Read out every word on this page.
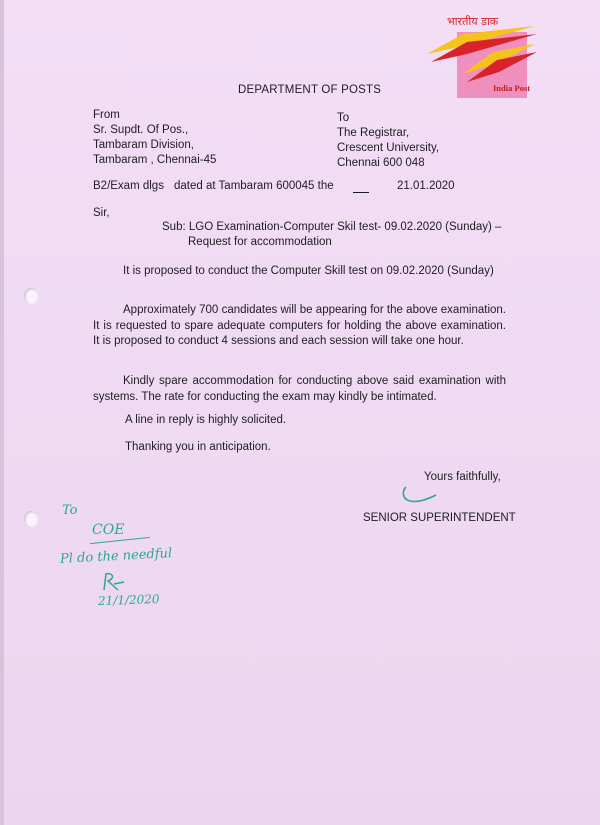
भारतीय डाक
India Post
DEPARTMENT OF POSTS
From
Sr. Supdt. Of Pos.,
Tambaram Division,
Tambaram , Chennai-45
To
The Registrar,
Crescent University,
Chennai 600 048
B2/Exam dlgs dated at Tambaram 600045 the	21.01.2020
Sir,
Sub: LGO Examination-Computer Skil test- 09.02.2020 (Sunday) –
Request for accommodation
It is proposed to conduct the Computer Skill test on 09.02.2020 (Sunday)
Approximately 700 candidates will be appearing for the above examination. It is requested to spare adequate computers for holding the above examination. It is proposed to conduct 4 sessions and each session will take one hour.
Kindly spare accommodation for conducting above said examination with systems. The rate for conducting the exam may kindly be intimated.
A line in reply is highly solicited.
Thanking you in anticipation.
Yours faithfully,
SENIOR SUPERINTENDENT
To
COE
Pl do the needful
21/1/2020
